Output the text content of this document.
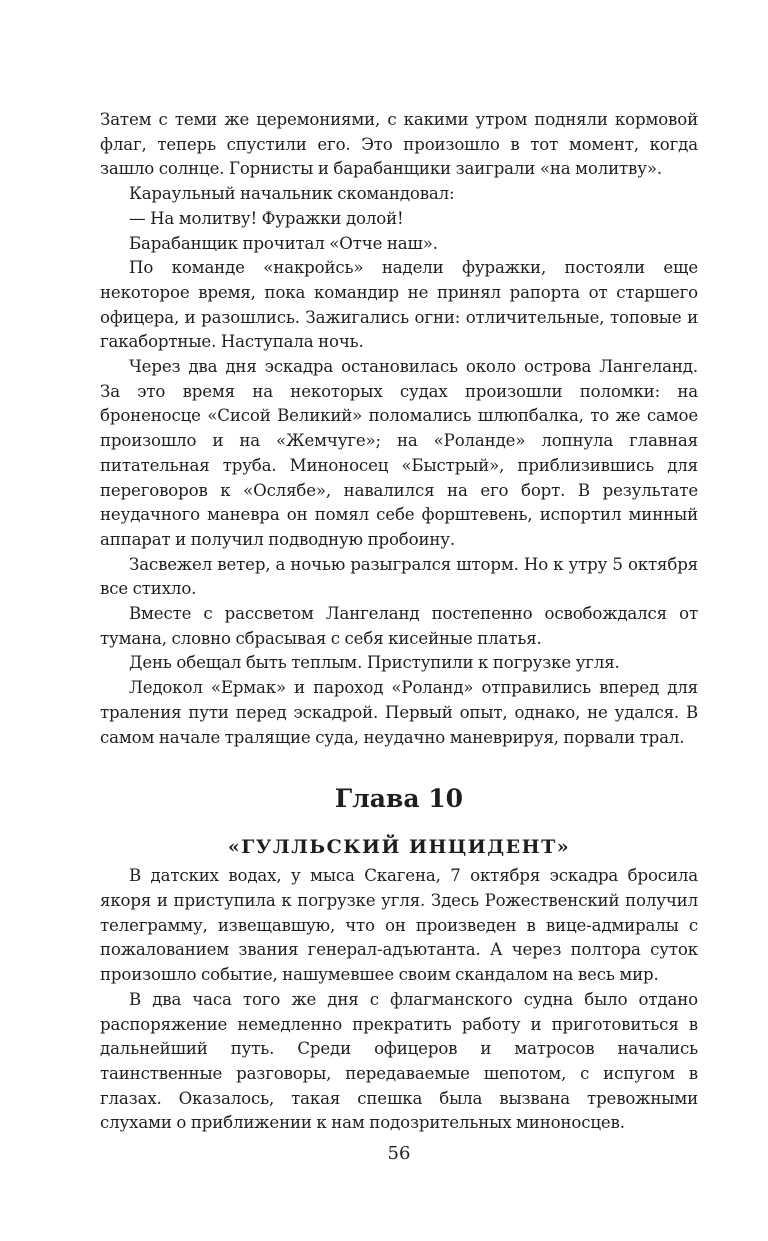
Затем с теми же церемониями, с какими утром подняли кормовой флаг, теперь спустили его. Это произошло в тот момент, когда зашло солнце. Горнисты и барабанщики заиграли «на молитву».

Караульный начальник скомандовал:

— На молитву! Фуражки долой!

Барабанщик прочитал «Отче наш».

По команде «накройсь» надели фуражки, постояли еще некоторое время, пока командир не принял рапорта от старшего офицера, и разошлись. Зажигались огни: отличительные, топовые и гакабортные. Наступала ночь.

Через два дня эскадра остановилась около острова Лангеланд. За это время на некоторых судах произошли поломки: на броненосце «Сисой Великий» поломались шлюпбалка, то же самое произошло и на «Жемчуге»; на «Роланде» лопнула главная питательная труба. Миноносец «Быстрый», приблизившись для переговоров к «Ослябе», навалился на его борт. В результате неудачного маневра он помял себе форштевень, испортил минный аппарат и получил подводную пробоину.

Засвежел ветер, а ночью разыгрался шторм. Но к утру 5 октября все стихло.

Вместе с рассветом Лангеланд постепенно освобождался от тумана, словно сбрасывая с себя кисейные платья.

День обещал быть теплым. Приступили к погрузке угля.

Ледокол «Ермак» и пароход «Роланд» отправились вперед для траления пути перед эскадрой. Первый опыт, однако, не удался. В самом начале тралящие суда, неудачно маневрируя, порвали трал.

Глава 10
«ГУЛЛЬСКИЙ ИНЦИДЕНТ»

В датских водах, у мыса Скагена, 7 октября эскадра бросила якоря и приступила к погрузке угля. Здесь Рожественский получил телеграмму, извещавшую, что он произведен в вице-адмиралы с пожалованием звания генерал-адъютанта. А через полтора суток произошло событие, нашумевшее своим скандалом на весь мир.

В два часа того же дня с флагманского судна было отдано распоряжение немедленно прекратить работу и приготовиться в дальнейший путь. Среди офицеров и матросов начались таинственные разговоры, передаваемые шепотом, с испугом в глазах. Оказалось, такая спешка была вызвана тревожными слухами о приближении к нам подозрительных миноносцев.

56
